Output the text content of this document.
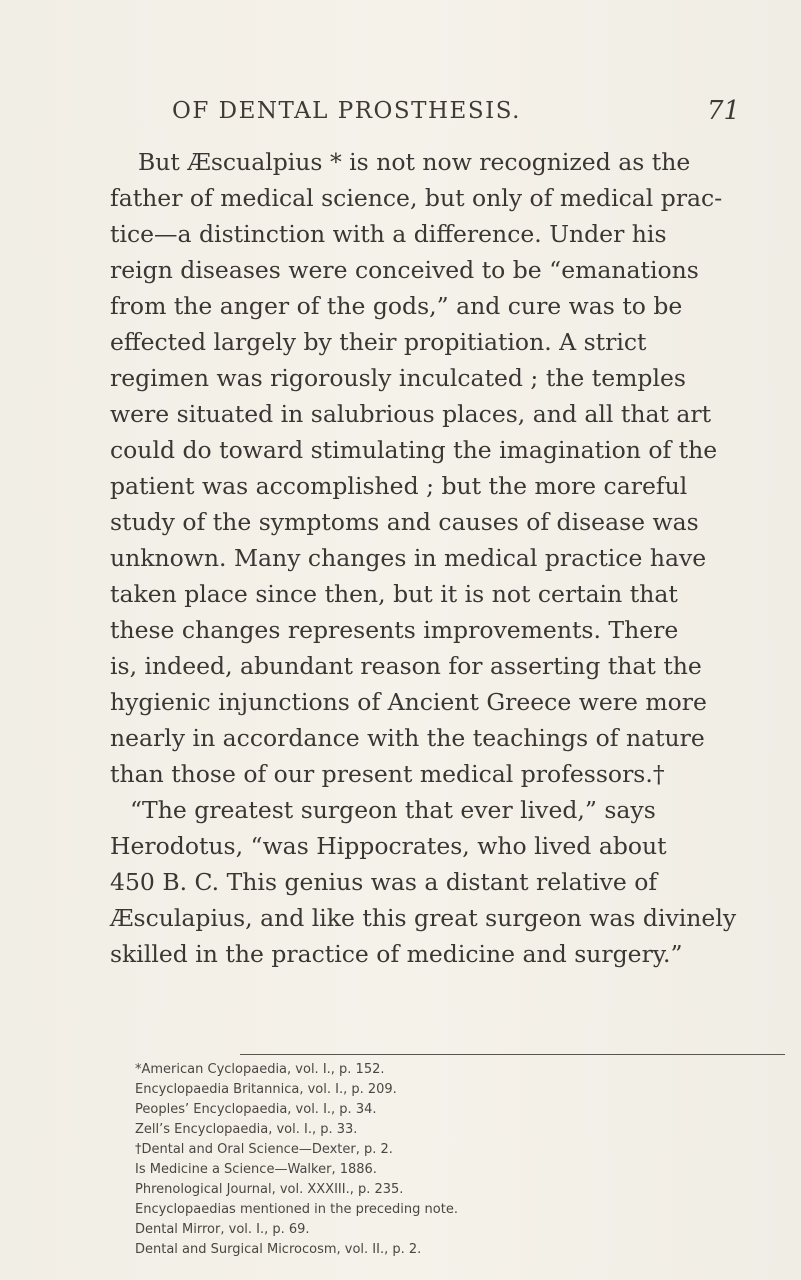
OF DENTAL PROSTHESIS.	71
But Æscualpius * is not now recognized as the
father of medical science, but only of medical prac-
tice—a distinction with a difference. Under his
reign diseases were conceived to be “emanations
from the anger of the gods,” and cure was to be
effected largely by their propitiation. A strict
regimen was rigorously inculcated ; the temples
were situated in salubrious places, and all that art
could do toward stimulating the imagination of the
patient was accomplished ; but the more careful
study of the symptoms and causes of disease was
unknown. Many changes in medical practice have
taken place since then, but it is not certain that
these changes represents improvements. There
is, indeed, abundant reason for asserting that the
hygienic injunctions of Ancient Greece were more
nearly in accordance with the teachings of nature
than those of our present medical professors.†
“The greatest surgeon that ever lived,” says
Herodotus, “was Hippocrates, who lived about
450 B. C. This genius was a distant relative of
Æsculapius, and like this great surgeon was divinely
skilled in the practice of medicine and surgery.”
*American Cyclopaedia, vol. I., p. 152.
Encyclopaedia Britannica, vol. I., p. 209.
Peoples’ Encyclopaedia, vol. I., p. 34.
Zell’s Encyclopaedia, vol. I., p. 33.
†Dental and Oral Science—Dexter, p. 2.
Is Medicine a Science—Walker, 1886.
Phrenological Journal, vol. XXXIII., p. 235.
Encyclopaedias mentioned in the preceding note.
Dental Mirror, vol. I., p. 69.
Dental and Surgical Microcosm, vol. II., p. 2.
